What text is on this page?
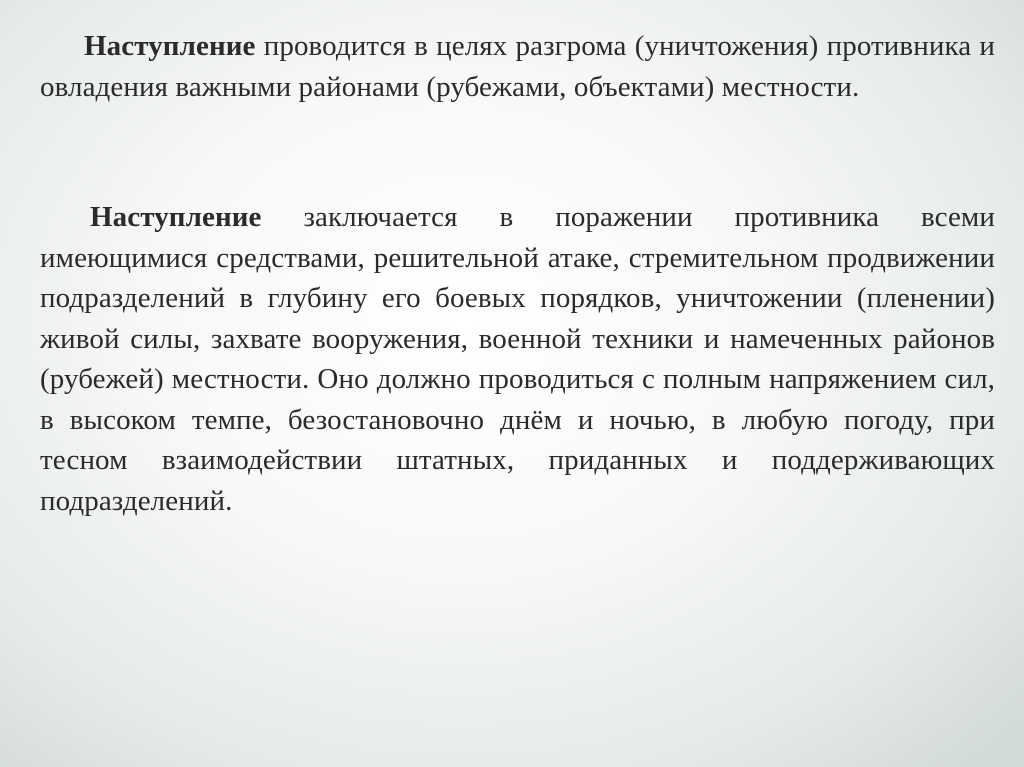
Наступление проводится в целях разгрома (уничтожения) противника и овладения важными районами (рубежами, объектами) местности.

Наступление заключается в поражении противника всеми имеющимися средствами, решительной атаке, стремительном продвижении подразделений в глубину его боевых порядков, уничтожении (пленении) живой силы, захвате вооружения, военной техники и намеченных районов (рубежей) местности. Оно должно проводиться с полным напряжением сил, в высоком темпе, безостановочно днём и ночью, в любую погоду, при тесном взаимодействии штатных, приданных и поддерживающих подразделений.
